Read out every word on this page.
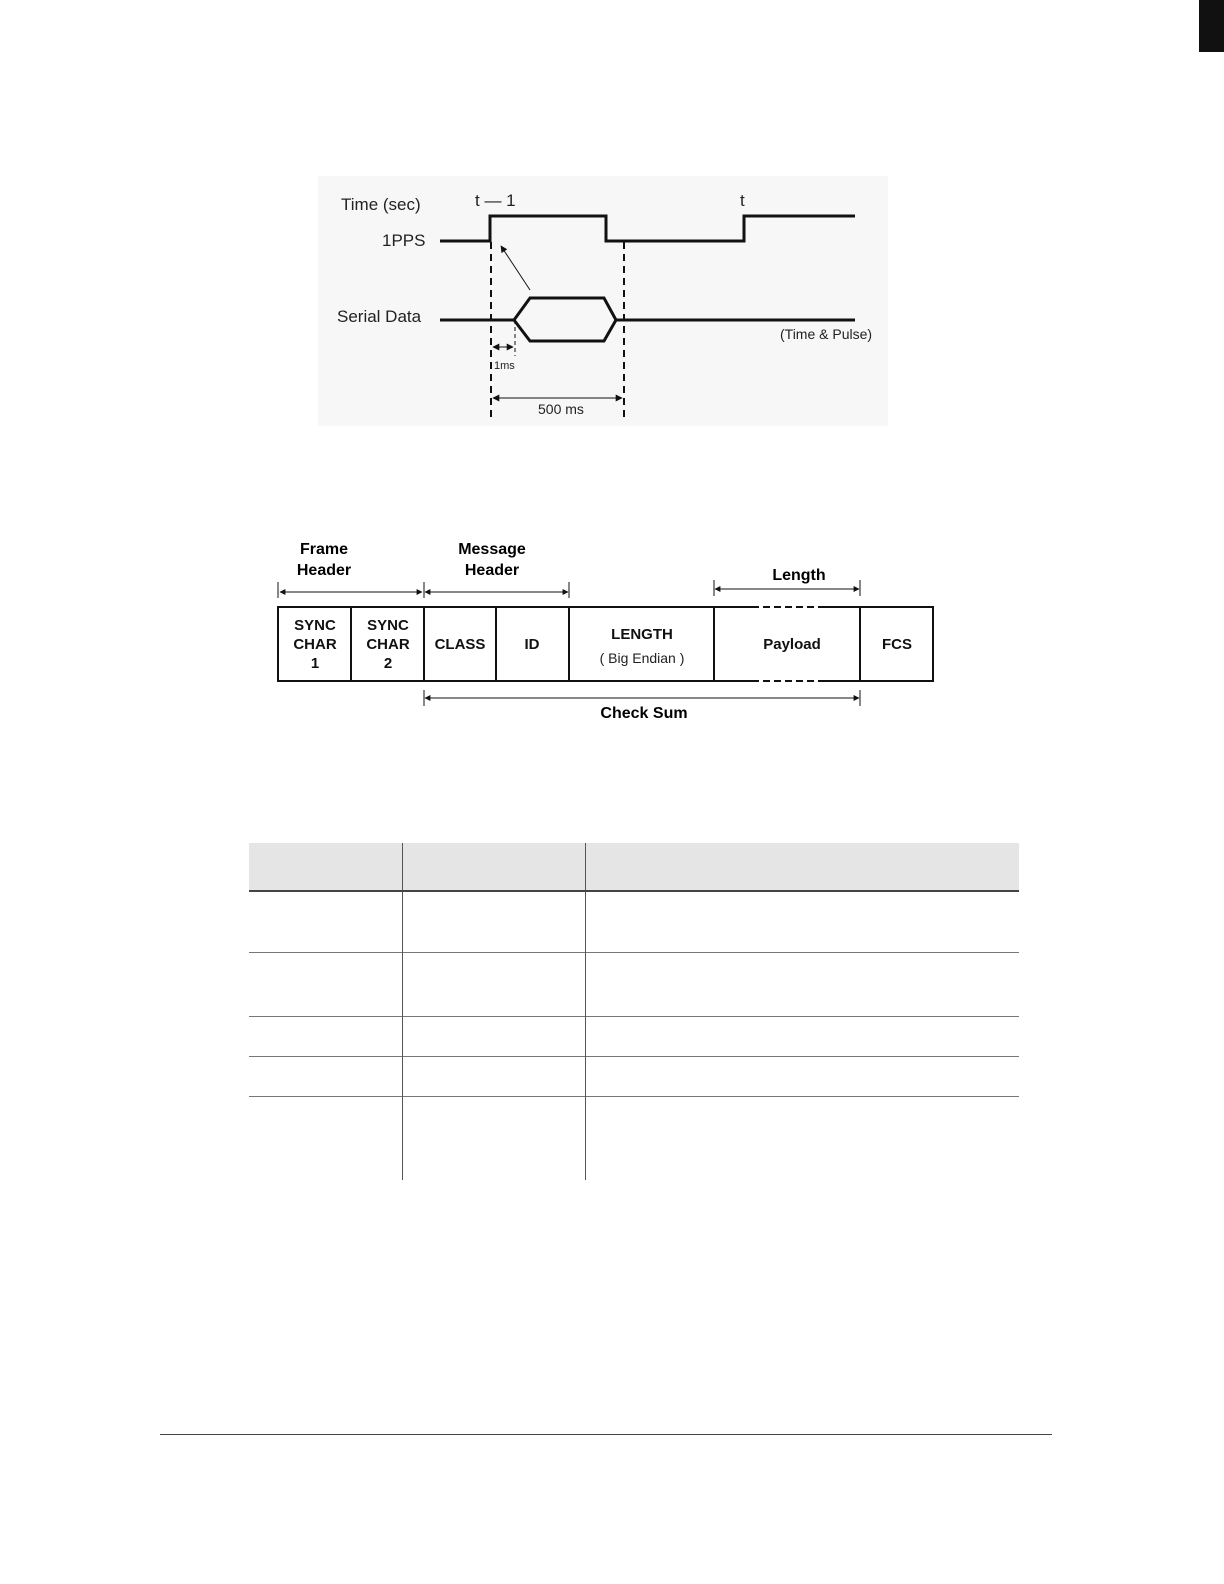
Time (sec)
1PPS
Serial Data
t — 1	t
(Time & Pulse)
1ms
500 ms
Frame
Header
Message
Header	Length
Check Sum
SYNC
CHAR
1
SYNC
CHAR
2
CLASS	ID
LENGTH
Payload	FCS
( Big Endian )
